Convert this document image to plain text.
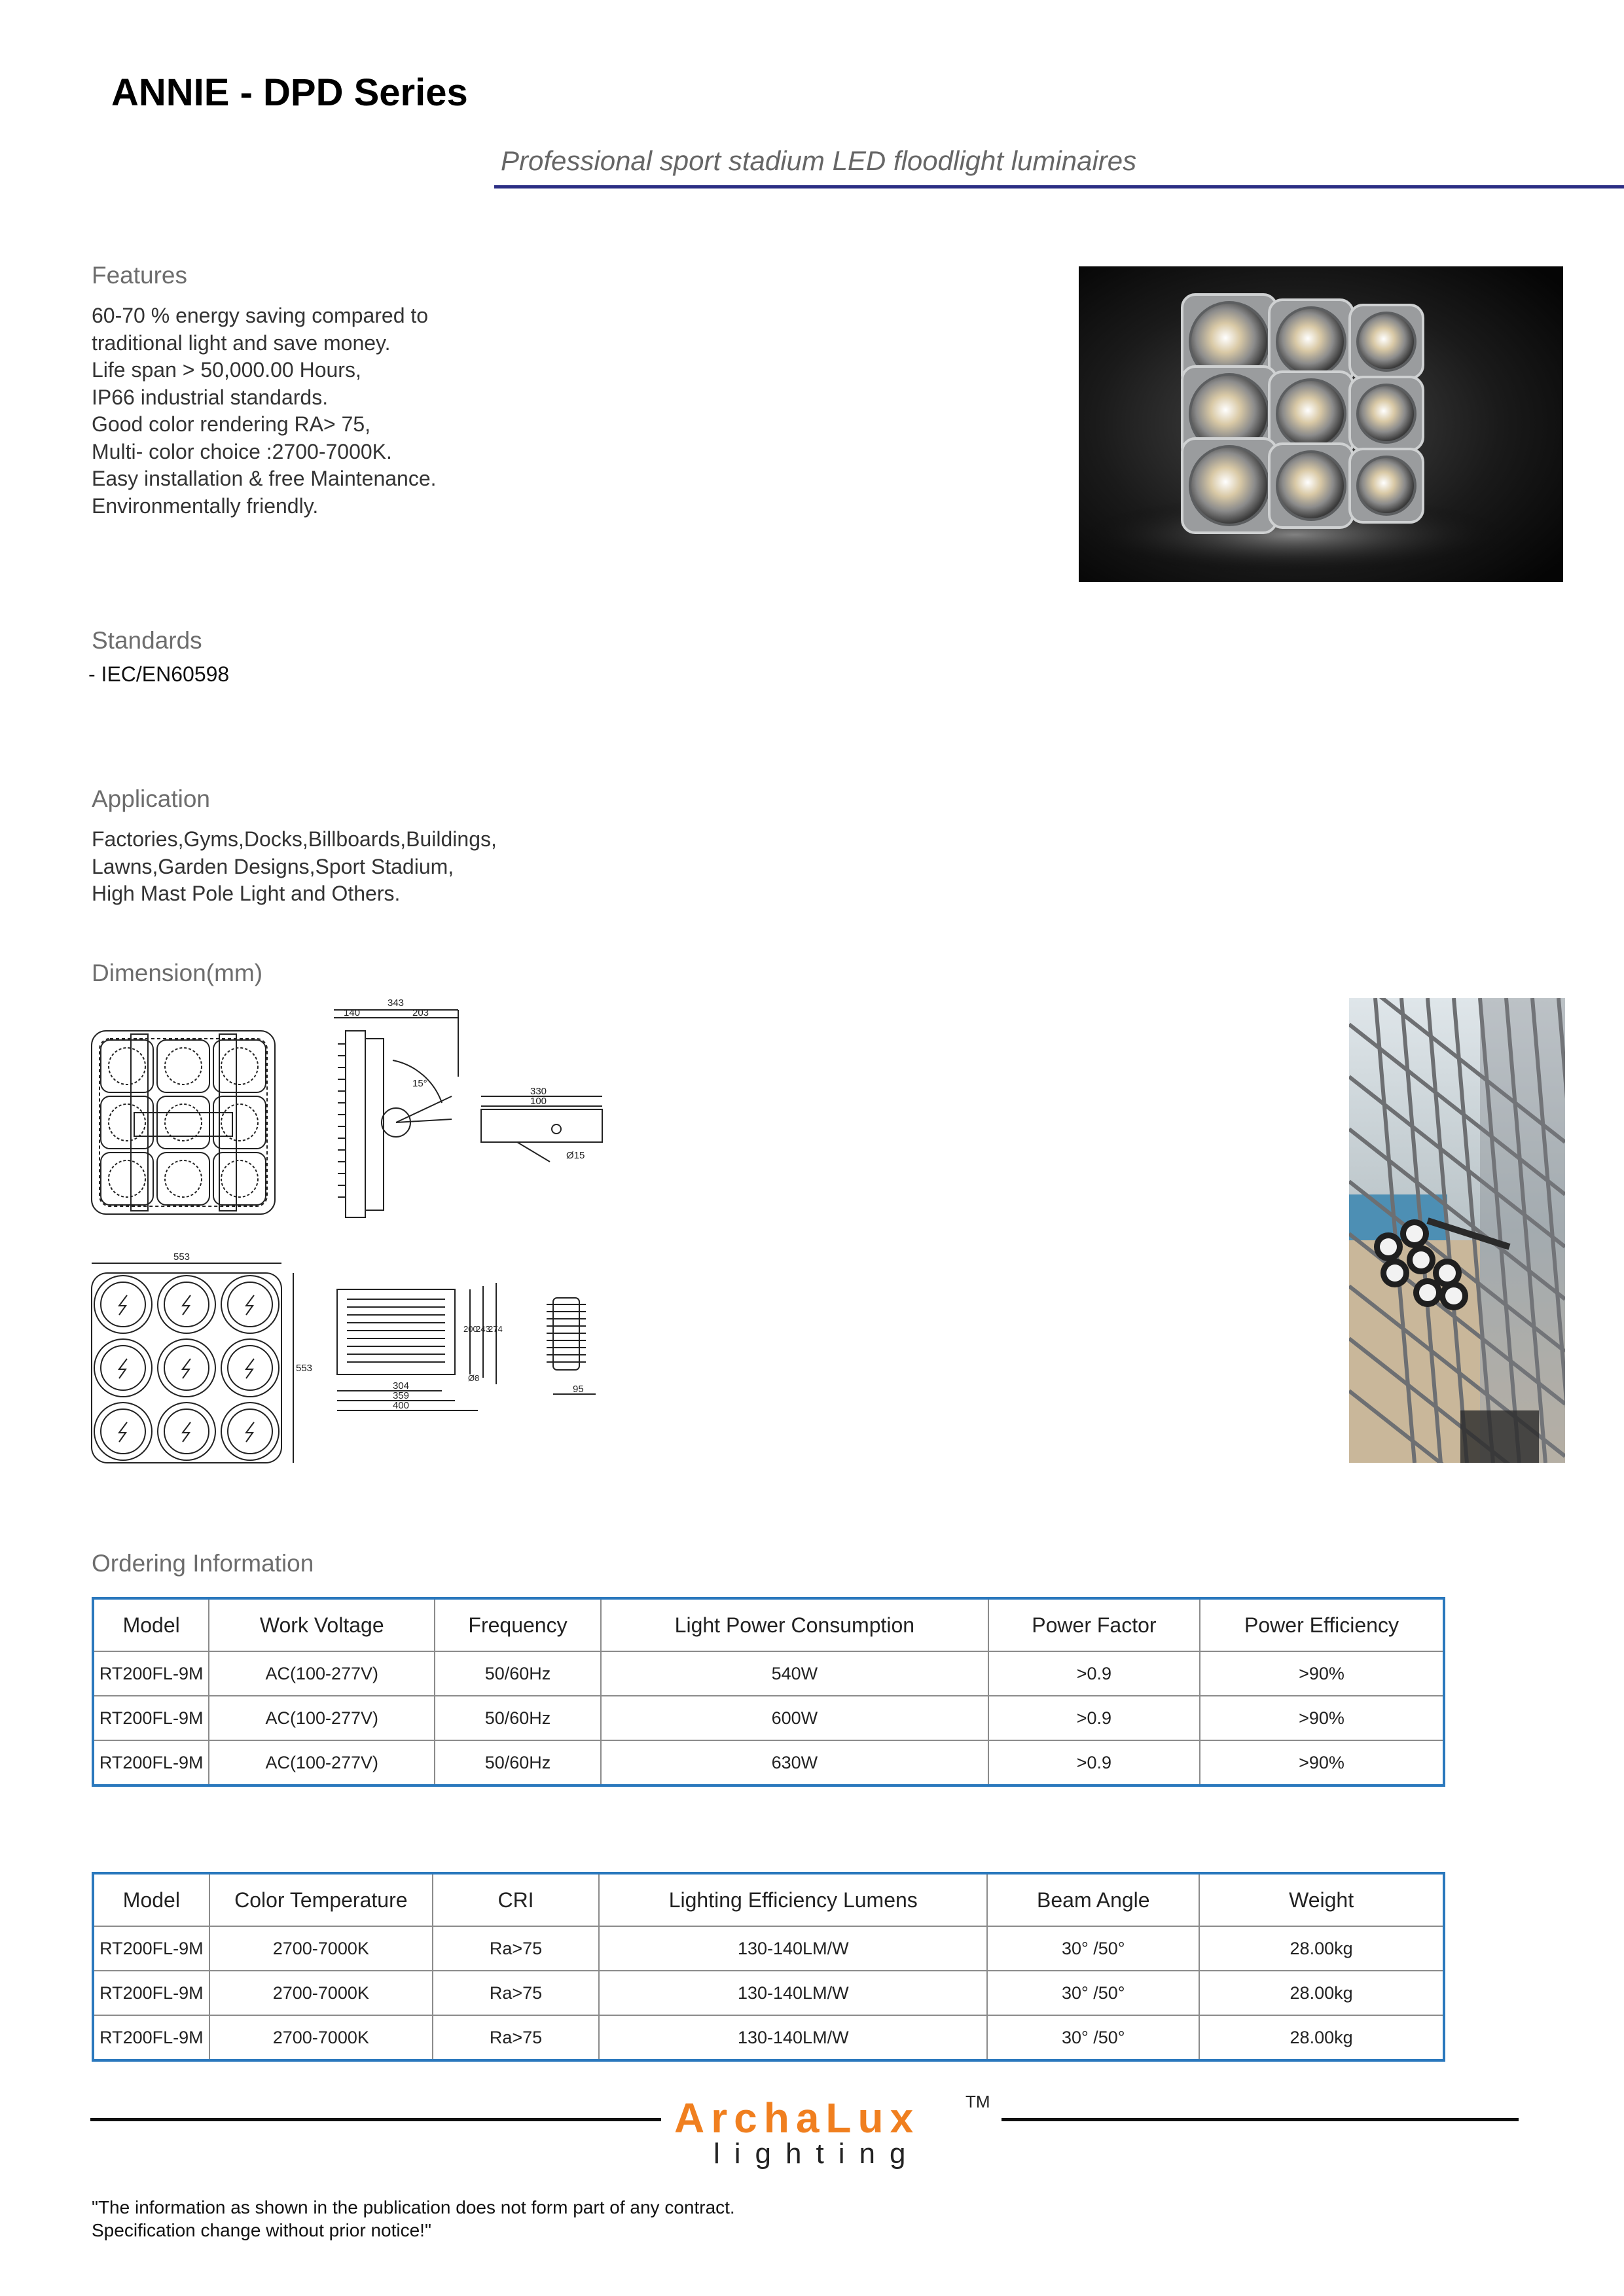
ANNIE - DPD Series
Professional sport stadium LED floodlight luminaires
Features
60-70 % energy saving compared to
traditional light and save money.
Life span > 50,000.00 Hours,
IP66 industrial standards.
Good color rendering RA> 75,
Multi- color choice :2700-7000K.
Easy installation & free Maintenance.
Environmentally friendly.
Standards
- IEC/EN60598
Application
Factories,Gyms,Docks,Billboards,Buildings,
Lawns,Garden Designs,Sport Stadium,
High Mast Pole Light and Others.
Dimension(mm)
343
140	203
15°
330
100
Ø15
553
553
304
359
400
200
243
274
Ø8
95
Ordering Information
Model	Work Voltage	Frequency	Light Power Consumption	Power Factor	Power Efficiency
RT200FL-9M	AC(100-277V)	50/60Hz	540W	>0.9	>90%
RT200FL-9M	AC(100-277V)	50/60Hz	600W	>0.9	>90%
RT200FL-9M	AC(100-277V)	50/60Hz	630W	>0.9	>90%
Model	Color Temperature	CRI	Lighting Efficiency Lumens	Beam Angle	Weight
RT200FL-9M	2700-7000K	Ra>75	130-140LM/W	30° /50°	28.00kg
RT200FL-9M	2700-7000K	Ra>75	130-140LM/W	30° /50°	28.00kg
RT200FL-9M	2700-7000K	Ra>75	130-140LM/W	30° /50°	28.00kg
ArchaLux
lighting
TM
"The information as shown in the publication does not form part of any contract.
Specification change without prior notice!"
